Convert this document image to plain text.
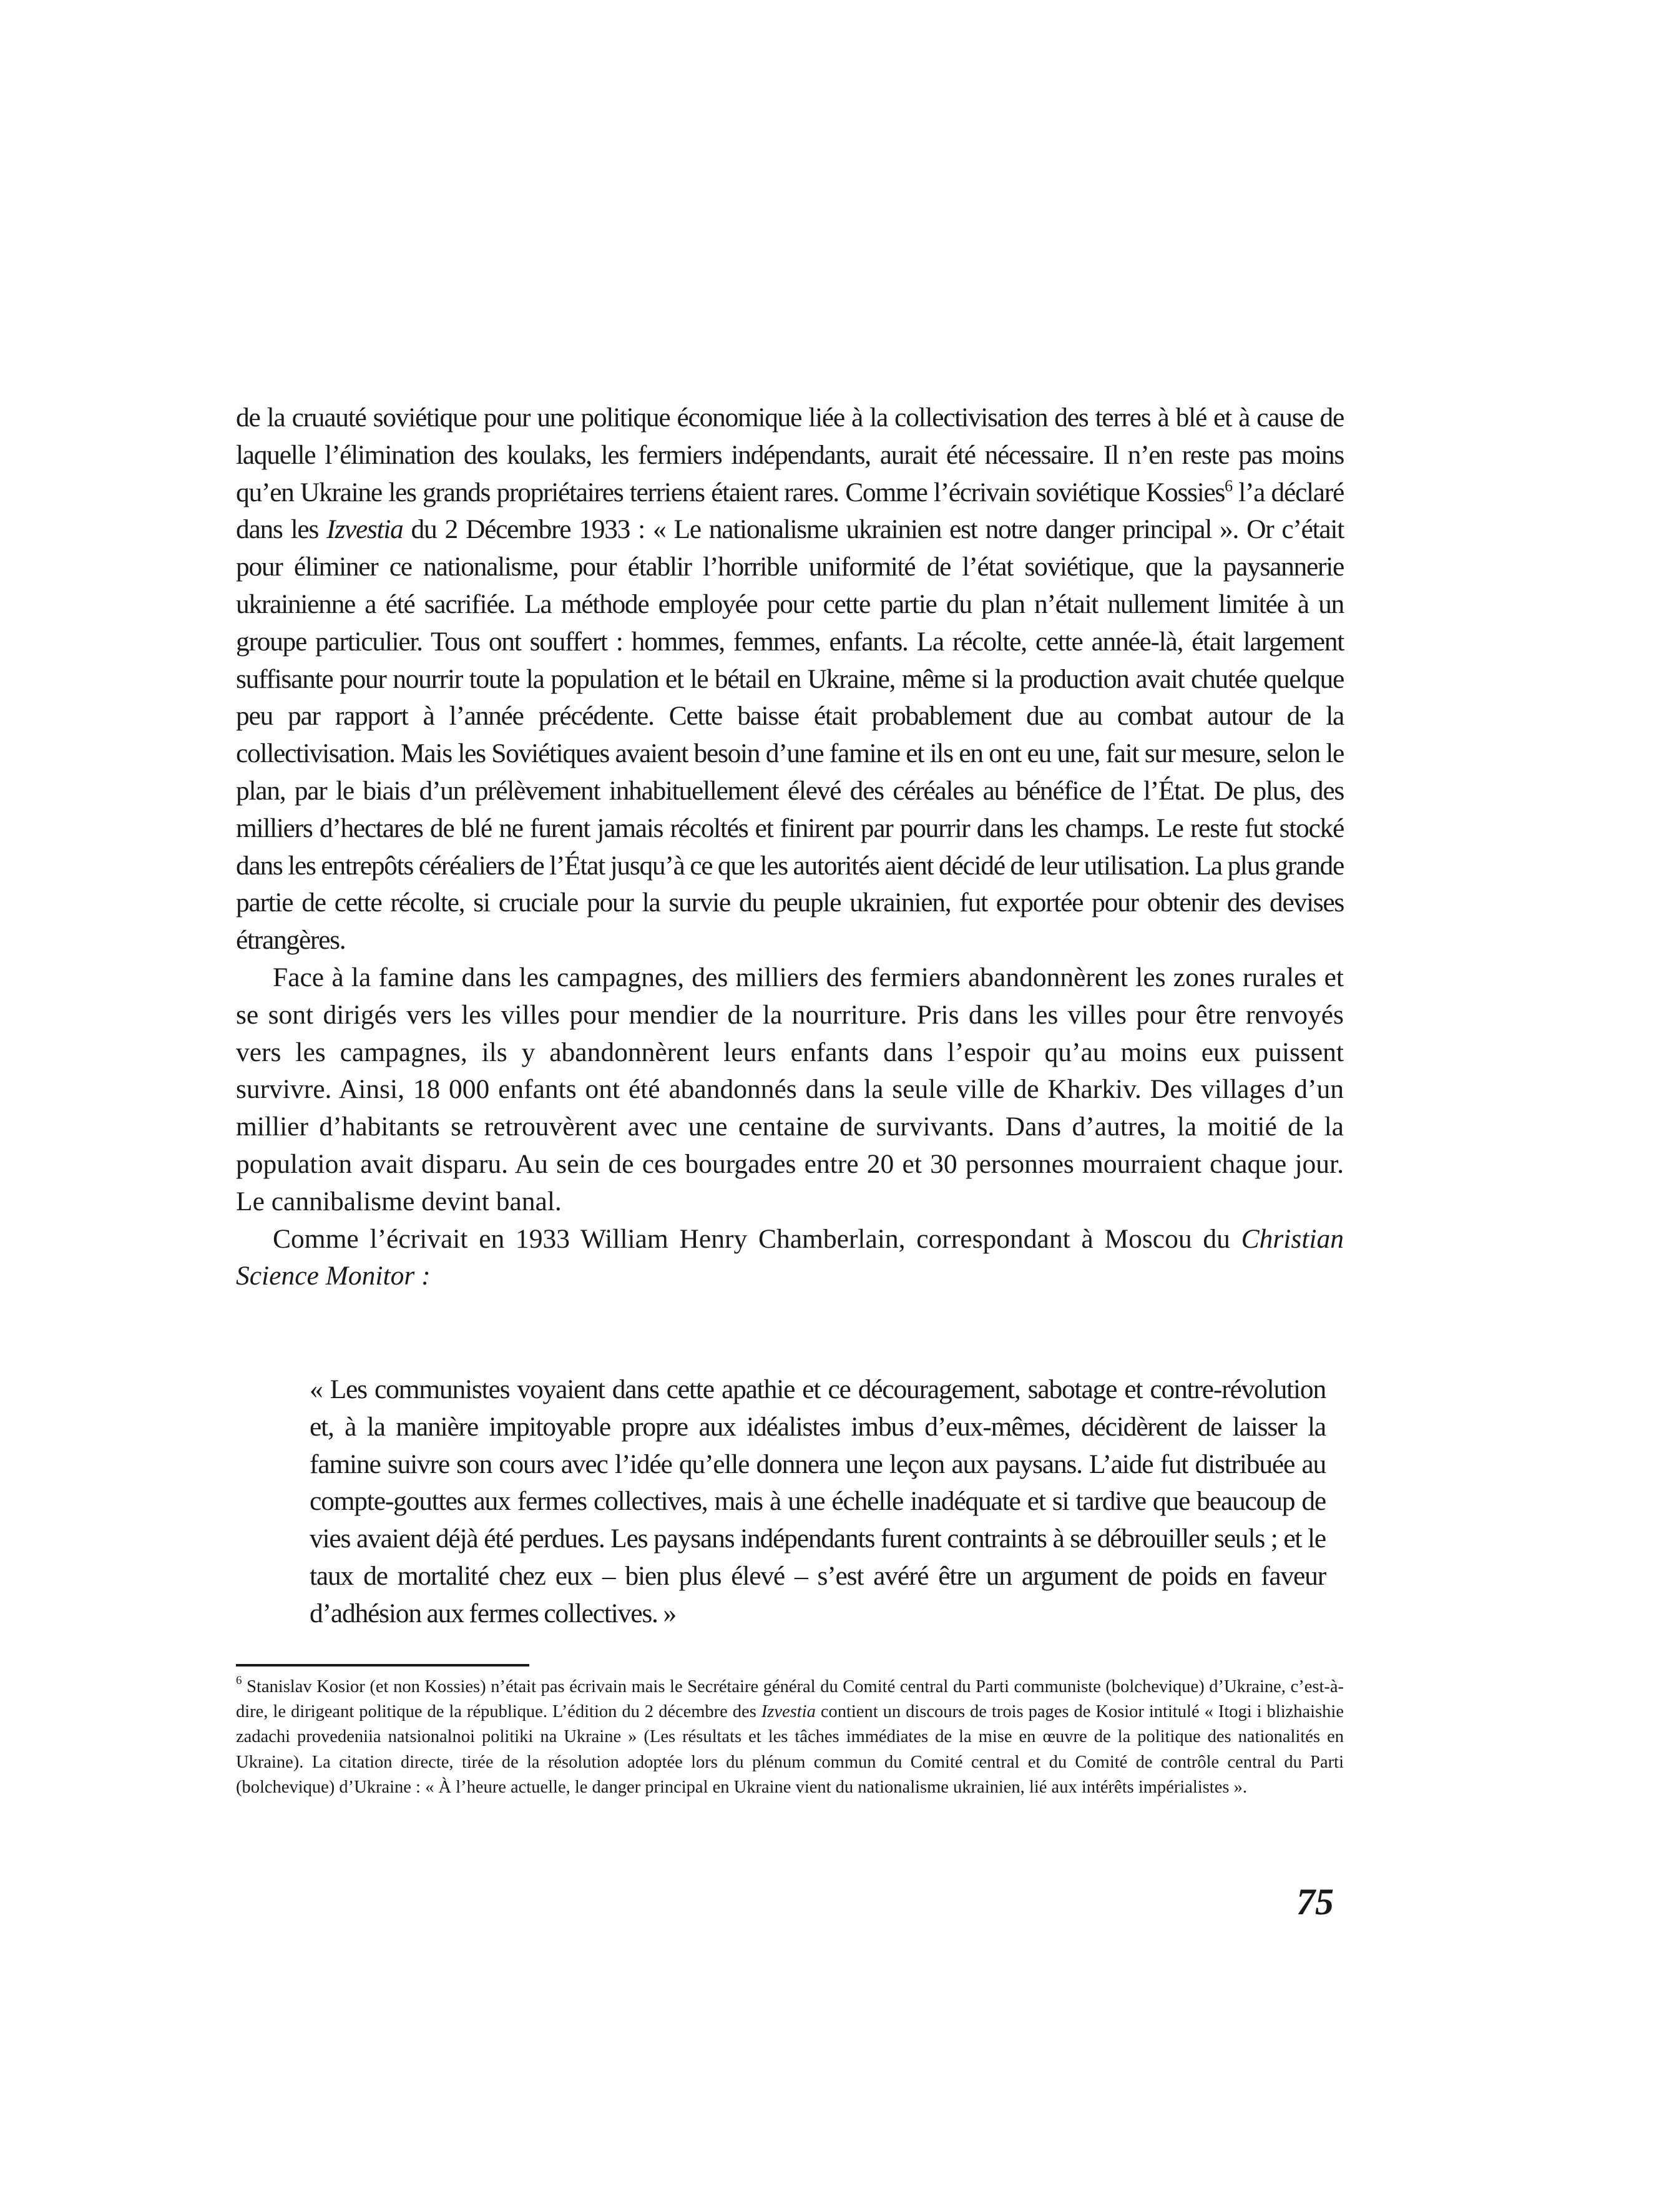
de la cruauté soviétique pour une politique économique liée à la collectivisation des terres à blé et à cause de laquelle l’élimination des koulaks, les fermiers indépendants, aurait été nécessaire. Il n’en reste pas moins qu’en Ukraine les grands propriétaires terriens étaient rares. Comme l’écrivain soviétique Kossies$^6$ l’a déclaré dans les Izvestia du 2 Décembre 1933 : « Le nationalisme ukrainien est notre danger principal ». Or c’était pour éliminer ce nationalisme, pour établir l’horrible uniformité de l’état soviétique, que la paysannerie ukrainienne a été sacrifiée. La méthode employée pour cette partie du plan n’était nullement limitée à un groupe particulier. Tous ont souffert : hommes, femmes, enfants. La récolte, cette année-là, était largement suffisante pour nourrir toute la population et le bétail en Ukraine, même si la production avait chutée quelque peu par rapport à l’année précédente. Cette baisse était probablement due au combat autour de la collectivisation. Mais les Soviétiques avaient besoin d’une famine et ils en ont eu une, fait sur mesure, selon le plan, par le biais d’un prélèvement inhabituellement élevé des céréales au bénéfice de l’État. De plus, des milliers d’hectares de blé ne furent jamais récoltés et finirent par pourrir dans les champs. Le reste fut stocké dans les entrepôts céréaliers de l’État jusqu’à ce que les autorités aient décidé de leur utilisation. La plus grande partie de cette récolte, si cruciale pour la survie du peuple ukrainien, fut exportée pour obtenir des devises étrangères.

Face à la famine dans les campagnes, des milliers des fermiers abandonnèrent les zones rurales et se sont dirigés vers les villes pour mendier de la nourriture. Pris dans les villes pour être renvoyés vers les campagnes, ils y abandonnèrent leurs enfants dans l’espoir qu’au moins eux puissent survivre. Ainsi, 18 000 enfants ont été abandonnés dans la seule ville de Kharkiv. Des villages d’un millier d’habitants se retrouvèrent avec une centaine de survivants. Dans d’autres, la moitié de la population avait disparu. Au sein de ces bourgades entre 20 et 30 personnes mourraient chaque jour. Le cannibalisme devint banal.

Comme l’écrivait en 1933 William Henry Chamberlain, correspondant à Moscou du Christian Science Monitor :

« Les communistes voyaient dans cette apathie et ce découragement, sabotage et contre-révolution et, à la manière impitoyable propre aux idéalistes imbus d’eux-mêmes, décidèrent de laisser la famine suivre son cours avec l’idée qu’elle donnera une leçon aux paysans. L’aide fut distribuée au compte-gouttes aux fermes collectives, mais à une échelle inadéquate et si tardive que beaucoup de vies avaient déjà été perdues. Les paysans indépendants furent contraints à se débrouiller seuls ; et le taux de mortalité chez eux – bien plus élevé – s’est avéré être un argument de poids en faveur d’adhésion aux fermes collectives. »

$^6$ Stanislav Kosior (et non Kossies) n’était pas écrivain mais le Secrétaire général du Comité central du Parti communiste (bolchevique) d’Ukraine, c’est-à-dire, le dirigeant politique de la république. L’édition du 2 décembre des Izvestia contient un discours de trois pages de Kosior intitulé « Itogi i blizhaishie zadachi provedeniia natsionalnoi politiki na Ukraine » (Les résultats et les tâches immédiates de la mise en œuvre de la politique des nationalités en Ukraine). La citation directe, tirée de la résolution adoptée lors du plénum commun du Comité central et du Comité de contrôle central du Parti (bolchevique) d’Ukraine : « À l’heure actuelle, le danger principal en Ukraine vient du nationalisme ukrainien, lié aux intérêts impérialistes ».

75
